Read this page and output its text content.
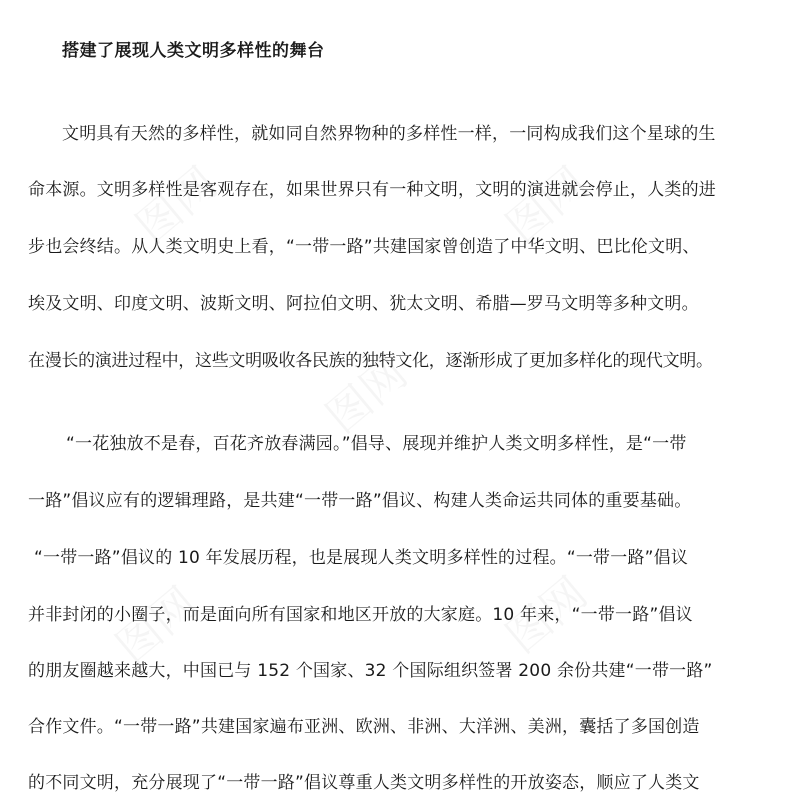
搭建了展现人类文明多样性的舞台
文明具有天然的多样性，就如同自然界物种的多样性一样，一同构成我们这个星球的生
命本源。文明多样性是客观存在，如果世界只有一种文明，文明的演进就会停止，人类的进
步也会终结。从人类文明史上看，“一带一路”共建国家曾创造了中华文明、巴比伦文明、
埃及文明、印度文明、波斯文明、阿拉伯文明、犹太文明、希腊—罗马文明等多种文明。
在漫长的演进过程中，这些文明吸收各民族的独特文化，逐渐形成了更加多样化的现代文明。
“一花独放不是春，百花齐放春满园。”倡导、展现并维护人类文明多样性，是“一带
一路”倡议应有的逻辑理路，是共建“一带一路”倡议、构建人类命运共同体的重要基础。
“一带一路”倡议的 10 年发展历程，也是展现人类文明多样性的过程。“一带一路”倡议
并非封闭的小圈子，而是面向所有国家和地区开放的大家庭。10 年来，“一带一路”倡议
的朋友圈越来越大，中国已与 152 个国家、32 个国际组织签署 200 余份共建“一带一路”
合作文件。“一带一路”共建国家遍布亚洲、欧洲、非洲、大洋洲、美洲，囊括了多国创造
的不同文明，充分展现了“一带一路”倡议尊重人类文明多样性的开放姿态，顺应了人类文
